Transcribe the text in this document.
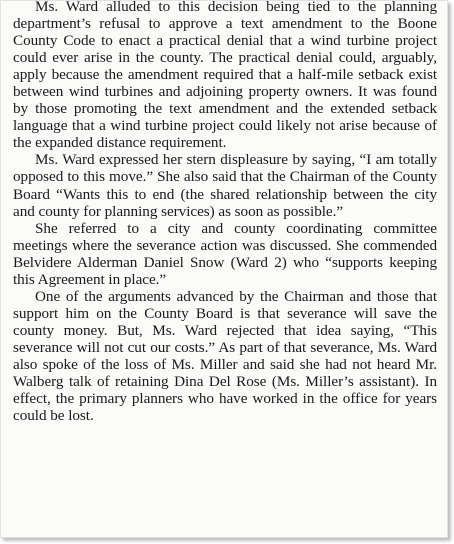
Ms. Ward alluded to this decision being tied to the planning department’s refusal to approve a text amendment to the Boone County Code to enact a practical denial that a wind turbine project could ever arise in the county. The practical denial could, arguably, apply because the amendment required that a half-mile setback exist between wind turbines and adjoining property owners. It was found by those promoting the text amendment and the extended setback language that a wind turbine project could likely not arise because of the expanded distance requirement.

Ms. Ward expressed her stern displeasure by saying, “I am totally opposed to this move.” She also said that the Chairman of the County Board “Wants this to end (the shared relationship between the city and county for planning services) as soon as possible.”

She referred to a city and county coordinating committee meetings where the severance action was discussed. She commended Belvidere Alderman Daniel Snow (Ward 2) who “supports keeping this Agreement in place.”

One of the arguments advanced by the Chairman and those that support him on the County Board is that severance will save the county money. But, Ms. Ward rejected that idea saying, “This severance will not cut our costs.” As part of that severance, Ms. Ward also spoke of the loss of Ms. Miller and said she had not heard Mr. Walberg talk of retaining Dina Del Rose (Ms. Miller’s assistant). In effect, the primary planners who have worked in the office for years could be lost.
